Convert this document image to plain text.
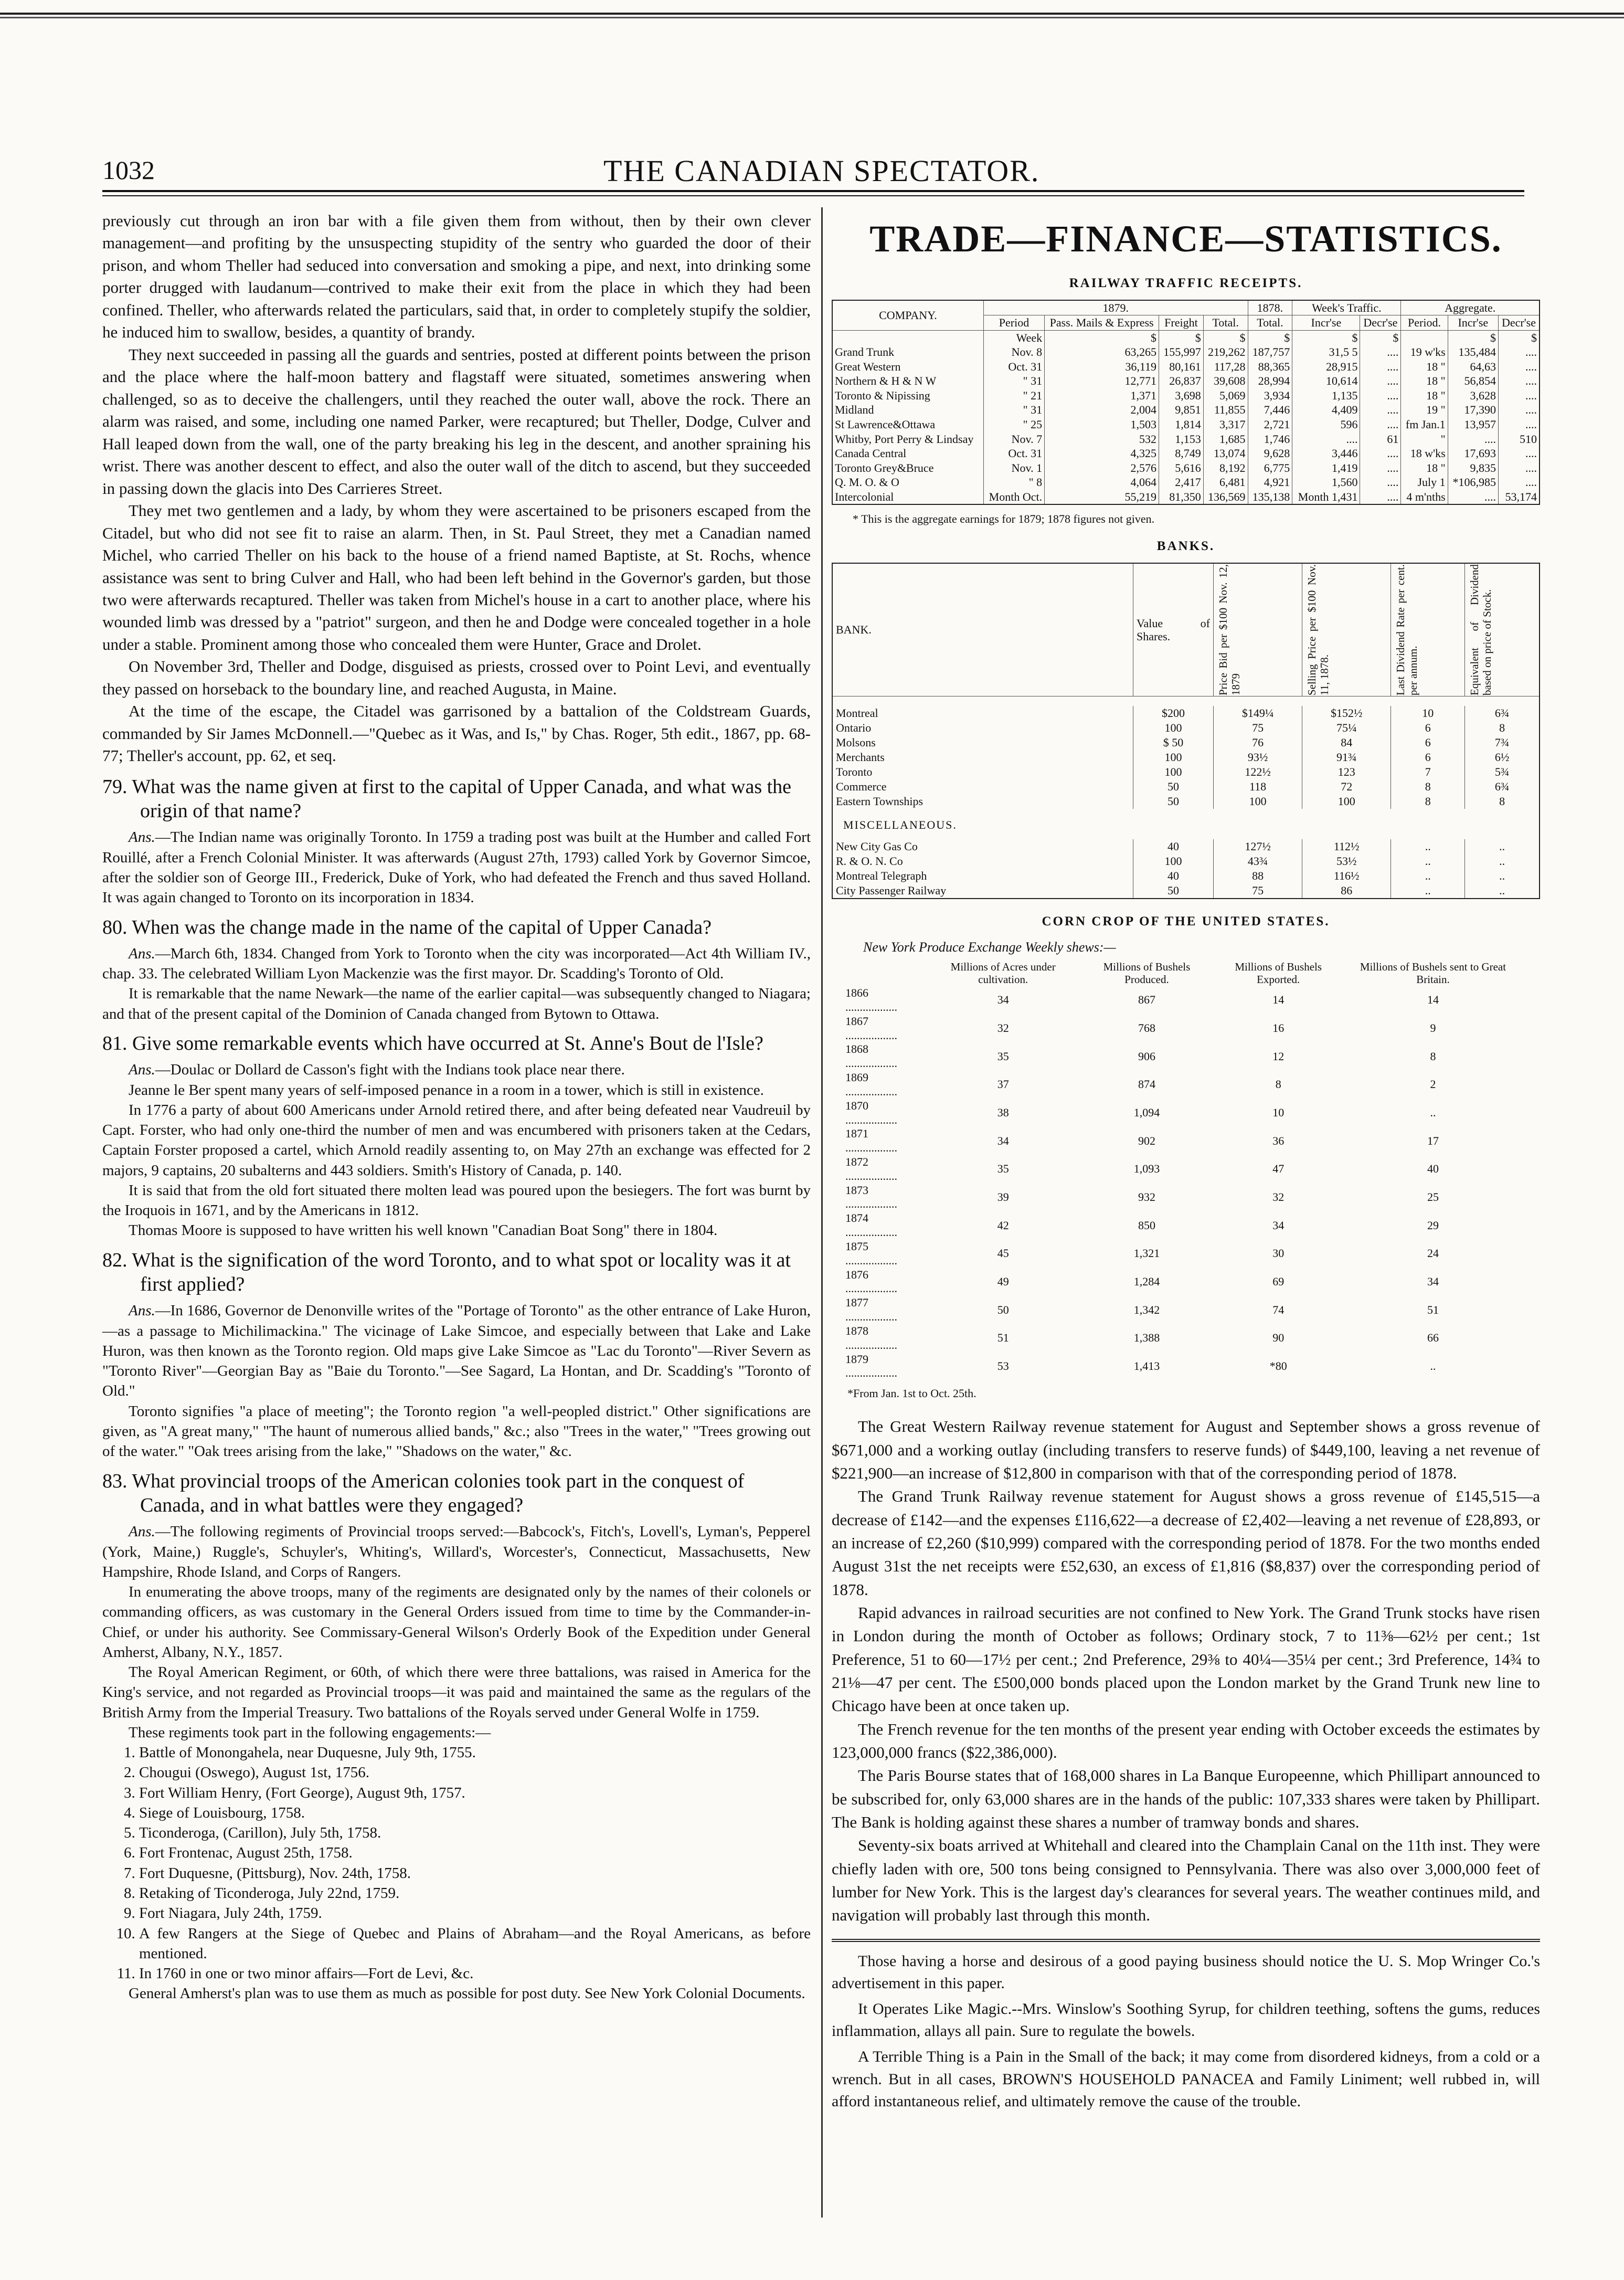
1032	THE CANADIAN SPECTATOR.

previously cut through an iron bar with a file given them from without, then by their own clever management—and profiting by the unsuspecting stupidity of the sentry who guarded the door of their prison, and whom Theller had seduced into conversation and smoking a pipe, and next, into drinking some porter drugged with laudanum—contrived to make their exit from the place in which they had been confined. Theller, who afterwards related the particulars, said that, in order to completely stupify the soldier, he induced him to swallow, besides, a quantity of brandy.

They next succeeded in passing all the guards and sentries, posted at different points between the prison and the place where the half-moon battery and flagstaff were situated, sometimes answering when challenged, so as to deceive the challengers, until they reached the outer wall, above the rock. There an alarm was raised, and some, including one named Parker, were recaptured; but Theller, Dodge, Culver and Hall leaped down from the wall, one of the party breaking his leg in the descent, and another spraining his wrist. There was another descent to effect, and also the outer wall of the ditch to ascend, but they succeeded in passing down the glacis into Des Carrieres Street.

They met two gentlemen and a lady, by whom they were ascertained to be prisoners escaped from the Citadel, but who did not see fit to raise an alarm. Then, in St. Paul Street, they met a Canadian named Michel, who carried Theller on his back to the house of a friend named Baptiste, at St. Rochs, whence assistance was sent to bring Culver and Hall, who had been left behind in the Governor's garden, but those two were afterwards recaptured. Theller was taken from Michel's house in a cart to another place, where his wounded limb was dressed by a "patriot" surgeon, and then he and Dodge were concealed together in a hole under a stable. Prominent among those who concealed them were Hunter, Grace and Drolet.

On November 3rd, Theller and Dodge, disguised as priests, crossed over to Point Levi, and eventually they passed on horseback to the boundary line, and reached Augusta, in Maine.

At the time of the escape, the Citadel was garrisoned by a battalion of the Coldstream Guards, commanded by Sir James McDonnell.—"Quebec as it Was, and Is," by Chas. Roger, 5th edit., 1867, pp. 68-77; Theller's account, pp. 62, et seq.

79. What was the name given at first to the capital of Upper Canada, and what was the origin of that name?

Ans.—The Indian name was originally Toronto. In 1759 a trading post was built at the Humber and called Fort Rouillé, after a French Colonial Minister. It was afterwards (August 27th, 1793) called York by Governor Simcoe, after the soldier son of George III., Frederick, Duke of York, who had defeated the French and thus saved Holland. It was again changed to Toronto on its incorporation in 1834.

80. When was the change made in the name of the capital of Upper Canada?

Ans.—March 6th, 1834. Changed from York to Toronto when the city was incorporated—Act 4th William IV., chap. 33. The celebrated William Lyon Mackenzie was the first mayor. Dr. Scadding's Toronto of Old.

It is remarkable that the name Newark—the name of the earlier capital—was subsequently changed to Niagara; and that of the present capital of the Dominion of Canada changed from Bytown to Ottawa.

81. Give some remarkable events which have occurred at St. Anne's Bout de l'Isle?

Ans.—Doulac or Dollard de Casson's fight with the Indians took place near there.

Jeanne le Ber spent many years of self-imposed penance in a room in a tower, which is still in existence.

In 1776 a party of about 600 Americans under Arnold retired there, and after being defeated near Vaudreuil by Capt. Forster, who had only one-third the number of men and was encumbered with prisoners taken at the Cedars, Captain Forster proposed a cartel, which Arnold readily assenting to, on May 27th an exchange was effected for 2 majors, 9 captains, 20 subalterns and 443 soldiers. Smith's History of Canada, p. 140.

It is said that from the old fort situated there molten lead was poured upon the besiegers. The fort was burnt by the Iroquois in 1671, and by the Americans in 1812.

Thomas Moore is supposed to have written his well known "Canadian Boat Song" there in 1804.

82. What is the signification of the word Toronto, and to what spot or locality was it at first applied?

Ans.—In 1686, Governor de Denonville writes of the "Portage of Toronto" as the other entrance of Lake Huron,—as a passage to Michilimackina." The vicinage of Lake Simcoe, and especially between that Lake and Lake Huron, was then known as the Toronto region. Old maps give Lake Simcoe as "Lac du Toronto"—River Severn as "Toronto River"—Georgian Bay as "Baie du Toronto."—See Sagard, La Hontan, and Dr. Scadding's "Toronto of Old."

Toronto signifies "a place of meeting"; the Toronto region "a well-peopled district." Other significations are given, as "A great many," "The haunt of numerous allied bands," &c.; also "Trees in the water," "Trees growing out of the water." "Oak trees arising from the lake," "Shadows on the water," &c.

83. What provincial troops of the American colonies took part in the conquest of Canada, and in what battles were they engaged?

Ans.—The following regiments of Provincial troops served:—Babcock's, Fitch's, Lovell's, Lyman's, Pepperel (York, Maine,) Ruggle's, Schuyler's, Whiting's, Willard's, Worcester's, Connecticut, Massachusetts, New Hampshire, Rhode Island, and Corps of Rangers.

In enumerating the above troops, many of the regiments are designated only by the names of their colonels or commanding officers, as was customary in the General Orders issued from time to time by the Commander-in-Chief, or under his authority. See Commissary-General Wilson's Orderly Book of the Expedition under General Amherst, Albany, N.Y., 1857.

The Royal American Regiment, or 60th, of which there were three battalions, was raised in America for the King's service, and not regarded as Provincial troops—it was paid and maintained the same as the regulars of the British Army from the Imperial Treasury. Two battalions of the Royals served under General Wolfe in 1759.

These regiments took part in the following engagements:—

1. Battle of Monongahela, near Duquesne, July 9th, 1755.
2. Chougui (Oswego), August 1st, 1756.
3. Fort William Henry, (Fort George), August 9th, 1757.
4. Siege of Louisbourg, 1758.
5. Ticonderoga, (Carillon), July 5th, 1758.
6. Fort Frontenac, August 25th, 1758.
7. Fort Duquesne, (Pittsburg), Nov. 24th, 1758.
8. Retaking of Ticonderoga, July 22nd, 1759.
9. Fort Niagara, July 24th, 1759.
10. A few Rangers at the Siege of Quebec and Plains of Abraham—and the Royal Americans, as before mentioned.
11. In 1760 in one or two minor affairs—Fort de Levi, &c.

General Amherst's plan was to use them as much as possible for post duty. See New York Colonial Documents.

TRADE—FINANCE—STATISTICS.
RAILWAY TRAFFIC RECEIPTS.
COMPANY.	1879.				1878.	Week's Traffic.		Aggregate.		
	Period	Pass. Mails & Express	Freight	Total.	Total.	Incr'se	Decr'se	Period.	Incr'se	Decr'se
	Week	$	$	$	$	$	$		$	$
Grand Trunk	Nov. 8	63,265	155,997	219,262	187,757	31,5 5	....	19 w'ks	135,484	....
Great Western	Oct. 31	36,119	80,161	117,28	88,365	28,915	....	18 "	64,63	....
Northern & H & N W	" 31	12,771	26,837	39,608	28,994	10,614	....	18 "	56,854	....
Toronto & Nipissing	" 21	1,371	3,698	5,069	3,934	1,135	....	18 "	3,628	....
Midland	" 31	2,004	9,851	11,855	7,446	4,409	....	19 "	17,390	....
St Lawrence&Ottawa	" 25	1,503	1,814	3,317	2,721	596	....	fm Jan.1	13,957	....
Whitby, Port Perry & Lindsay	Nov. 7	532	1,153	1,685	1,746	....	61	"	....	510
Canada Central	Oct. 31	4,325	8,749	13,074	9,628	3,446	....	18 w'ks	17,693	....
Toronto Grey&Bruce	Nov. 1	2,576	5,616	8,192	6,775	1,419	....	18 "	9,835	....
Q. M. O. & O	" 8	4,064	2,417	6,481	4,921	1,560	....	July 1	*106,985	....
Intercolonial	Month Oct.	55,219	81,350	136,569	135,138	Month 1,431	....	4 m'nths	....	53,174
* This is the aggregate earnings for 1879; 1878 figures not given.
BANKS.
BANK.	Value of Shares.	Price Bid per $100 Nov. 12, 1879	Selling Price per $100 Nov. 11, 1878.	Last Dividend Rate per cent. per annum.	Equivalent of Dividend based on price of Stock.

Montreal	$200	$149¼	$152½	10	6¾
Ontario	100	75	75¼	6	8
Molsons	$ 50	76	84	6	7¾
Merchants	100	93½	91¾	6	6½
Toronto	100	122½	123	7	5¾
Commerce	50	118	72	8	6¾
Eastern Townships	50	100	100	8	8
MISCELLANEOUS.					
New City Gas Co	40	127½	112½	..	..
R. & O. N. Co	100	43¾	53½	..	..
Montreal Telegraph	40	88	116½	..	..
City Passenger Railway	50	75	86	..	..
CORN CROP OF THE UNITED STATES.
New York Produce Exchange Weekly shews:—
	Millions of Acres under cultivation.	Millions of Bushels Produced.	Millions of Bushels Exported.	Millions of Bushels sent to Great Britain.
1866 ..................	34	867	14	14
1867 ..................	32	768	16	9
1868 ..................	35	906	12	8
1869 ..................	37	874	8	2
1870 ..................	38	1,094	10	..
1871 ..................	34	902	36	17
1872 ..................	35	1,093	47	40
1873 ..................	39	932	32	25
1874 ..................	42	850	34	29
1875 ..................	45	1,321	30	24
1876 ..................	49	1,284	69	34
1877 ..................	50	1,342	74	51
1878 ..................	51	1,388	90	66
1879 ..................	53	1,413	*80	..
*From Jan. 1st to Oct. 25th.

The Great Western Railway revenue statement for August and September shows a gross revenue of $671,000 and a working outlay (including transfers to reserve funds) of $449,100, leaving a net revenue of $221,900—an increase of $12,800 in comparison with that of the corresponding period of 1878.

The Grand Trunk Railway revenue statement for August shows a gross revenue of £145,515—a decrease of £142—and the expenses £116,622—a decrease of £2,402—leaving a net revenue of £28,893, or an increase of £2,260 ($10,999) compared with the corresponding period of 1878. For the two months ended August 31st the net receipts were £52,630, an excess of £1,816 ($8,837) over the corresponding period of 1878.

Rapid advances in railroad securities are not confined to New York. The Grand Trunk stocks have risen in London during the month of October as follows; Ordinary stock, 7 to 11⅜—62½ per cent.; 1st Preference, 51 to 60—17½ per cent.; 2nd Preference, 29⅜ to 40¼—35¼ per cent.; 3rd Preference, 14¾ to 21⅛—47 per cent. The £500,000 bonds placed upon the London market by the Grand Trunk new line to Chicago have been at once taken up.

The French revenue for the ten months of the present year ending with October exceeds the estimates by 123,000,000 francs ($22,386,000).

The Paris Bourse states that of 168,000 shares in La Banque Europeenne, which Phillipart announced to be subscribed for, only 63,000 shares are in the hands of the public: 107,333 shares were taken by Phillipart. The Bank is holding against these shares a number of tramway bonds and shares.

Seventy-six boats arrived at Whitehall and cleared into the Champlain Canal on the 11th inst. They were chiefly laden with ore, 500 tons being consigned to Pennsylvania. There was also over 3,000,000 feet of lumber for New York. This is the largest day's clearances for several years. The weather continues mild, and navigation will probably last through this month.

Those having a horse and desirous of a good paying business should notice the U. S. Mop Wringer Co.'s advertisement in this paper.

It Operates Like Magic.--Mrs. Winslow's Soothing Syrup, for children teething, softens the gums, reduces inflammation, allays all pain. Sure to regulate the bowels.

A Terrible Thing is a Pain in the Small of the back; it may come from disordered kidneys, from a cold or a wrench. But in all cases, BROWN'S HOUSEHOLD PANACEA and Family Liniment; well rubbed in, will afford instantaneous relief, and ultimately remove the cause of the trouble.
